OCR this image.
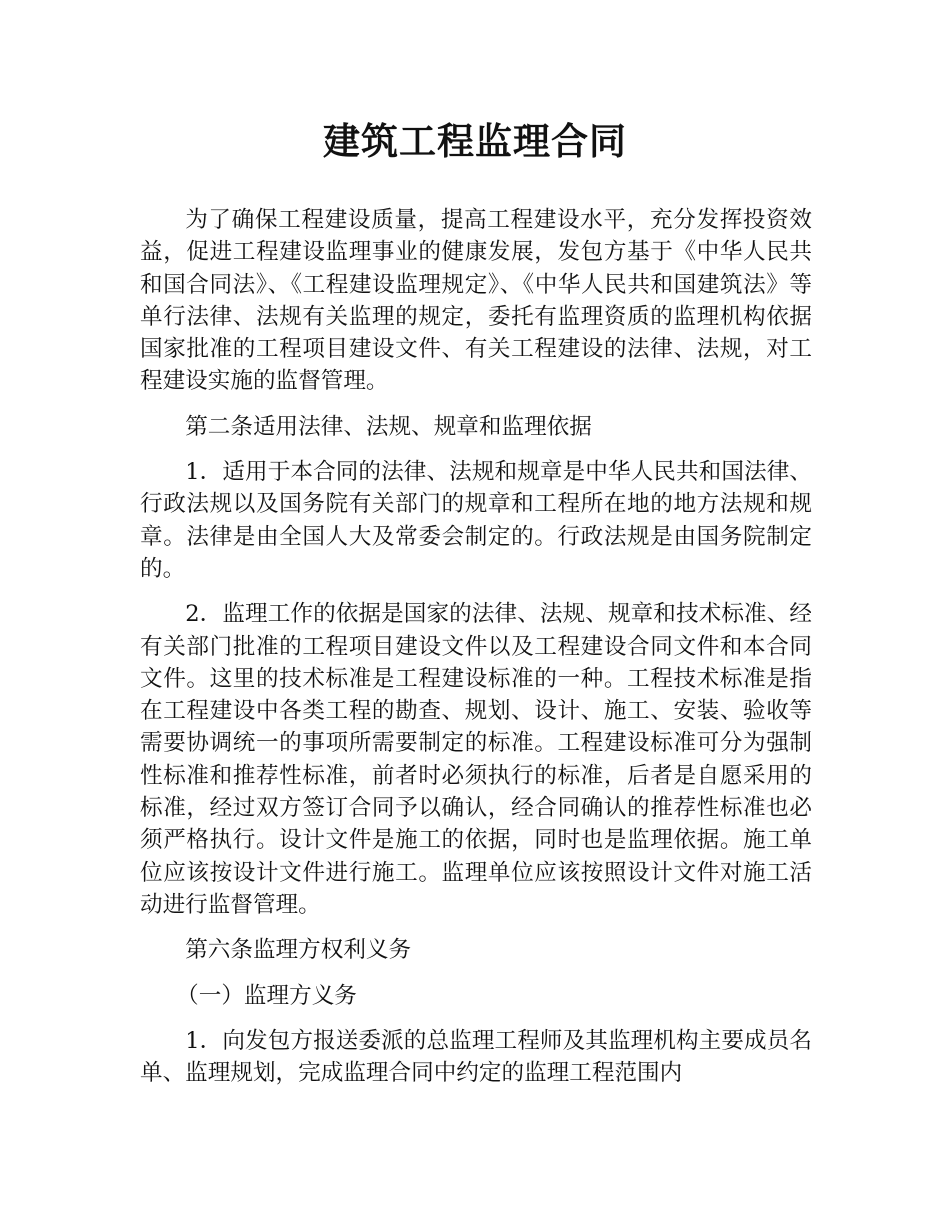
建筑工程监理合同

为了确保工程建设质量，提高工程建设水平，充分发挥投资效益，促进工程建设监理事业的健康发展，发包方基于《中华人民共和国合同法》、《工程建设监理规定》、《中华人民共和国建筑法》等单行法律、法规有关监理的规定，委托有监理资质的监理机构依据国家批准的工程项目建设文件、有关工程建设的法律、法规，对工程建设实施的监督管理。

第二条适用法律、法规、规章和监理依据

1．适用于本合同的法律、法规和规章是中华人民共和国法律、行政法规以及国务院有关部门的规章和工程所在地的地方法规和规章。法律是由全国人大及常委会制定的。行政法规是由国务院制定的。

2．监理工作的依据是国家的法律、法规、规章和技术标准、经有关部门批准的工程项目建设文件以及工程建设合同文件和本合同文件。这里的技术标准是工程建设标准的一种。工程技术标准是指在工程建设中各类工程的勘查、规划、设计、施工、安装、验收等需要协调统一的事项所需要制定的标准。工程建设标准可分为强制性标准和推荐性标准，前者时必须执行的标准，后者是自愿采用的标准，经过双方签订合同予以确认，经合同确认的推荐性标准也必须严格执行。设计文件是施工的依据，同时也是监理依据。施工单位应该按设计文件进行施工。监理单位应该按照设计文件对施工活动进行监督管理。

第六条监理方权利义务

（一）监理方义务

1．向发包方报送委派的总监理工程师及其监理机构主要成员名单、监理规划，完成监理合同中约定的监理工程范围内
